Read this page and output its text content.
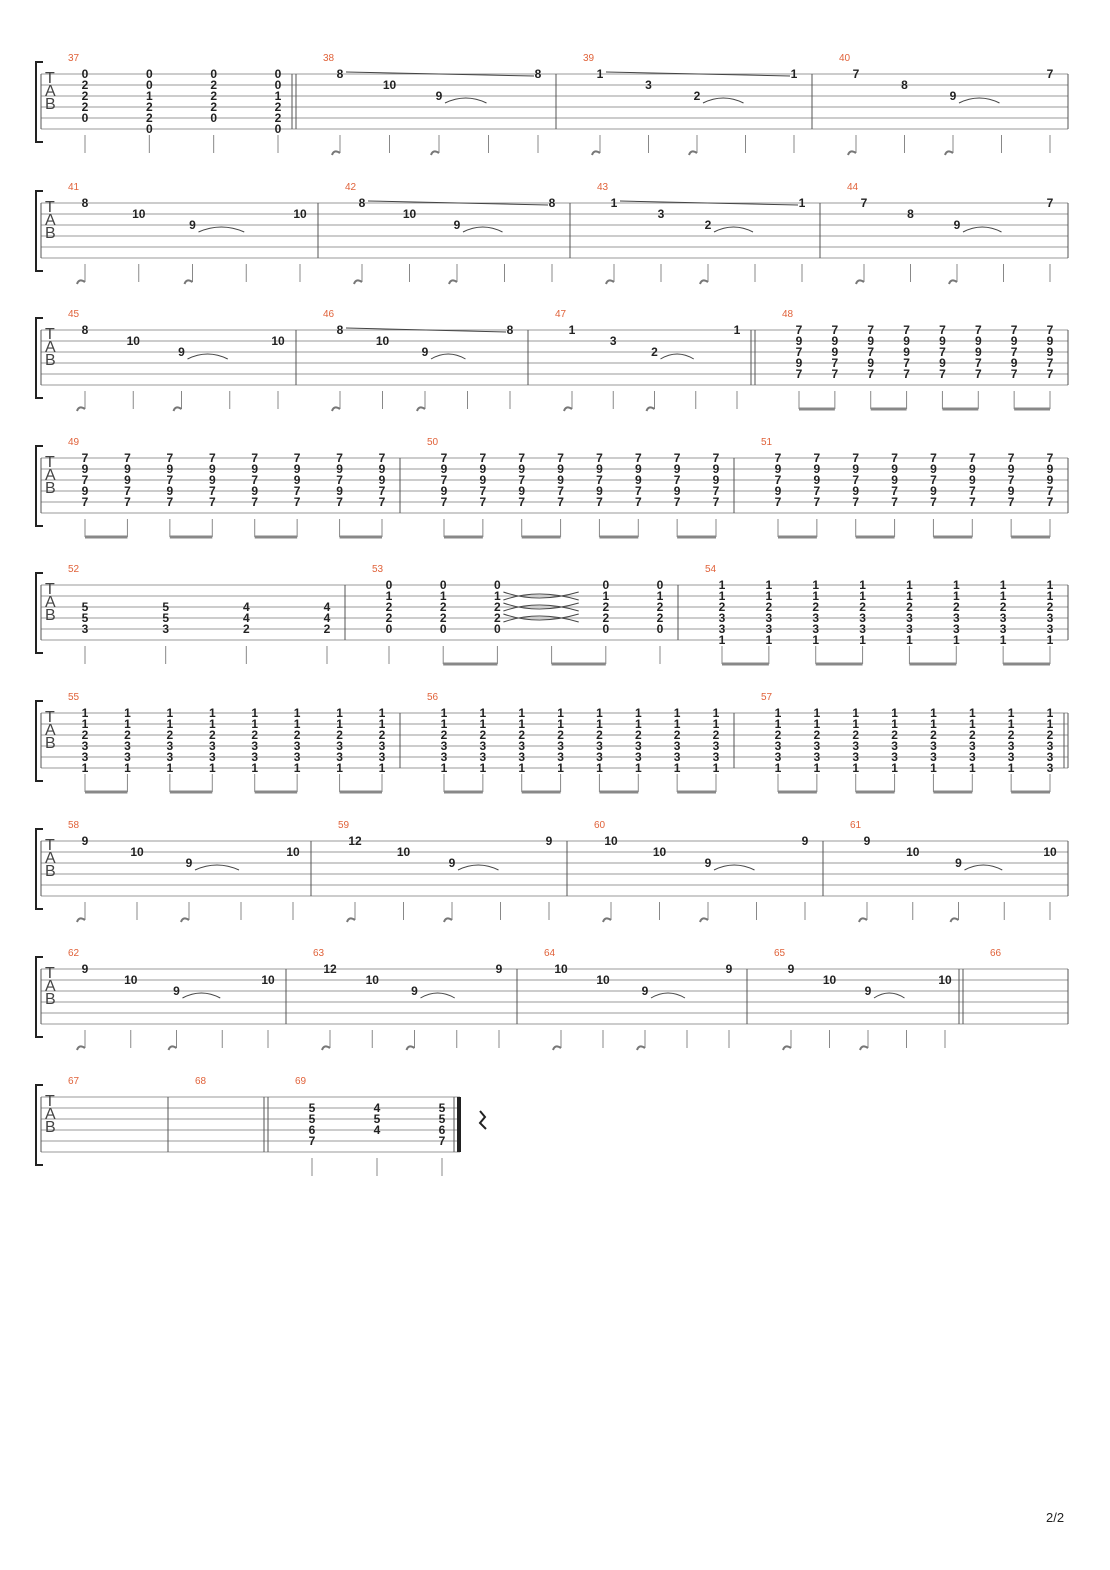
T
A
B
37
0
2
2
2
0
0
0
1
2
2
0
0
2
2
2
0
0
0
1
2
2
0
38
8
10
9
8
39
1
3
2
1
40
7
8
9
7
T
A
B
41
8
10
9
10
42
8
10
9
8
43
1
3
2
1
44
7
8
9
7
T
A
B
45
8
10
9
10
46
8
10
9
8
47
1
3
2
1
48
7
9
7
9
7
7
9
9
7
7
7
9
7
9
7
7
9
9
7
7
7
9
7
9
7
7
9
9
7
7
7
9
7
9
7
7
9
9
7
7
T
A
B
49
7
9
7
9
7
7
9
9
7
7
7
9
7
9
7
7
9
9
7
7
7
9
7
9
7
7
9
9
7
7
7
9
7
9
7
7
9
9
7
7
50
7
9
7
9
7
7
9
9
7
7
7
9
7
9
7
7
9
9
7
7
7
9
7
9
7
7
9
9
7
7
7
9
7
9
7
7
9
9
7
7
51
7
9
7
9
7
7
9
9
7
7
7
9
7
9
7
7
9
9
7
7
7
9
7
9
7
7
9
9
7
7
7
9
7
9
7
7
9
9
7
7
T
A
B
52
5
5
3
5
5
3
4
4
2
4
4
2
53
0
1
2
2
0
0
1
2
2
0
0
1
2
2
0
0
1
2
2
0
0
1
2
2
0
54
1
1
2
3
3
1
1
1
2
3
3
1
1
1
2
3
3
1
1
1
2
3
3
1
1
1
2
3
3
1
1
1
2
3
3
1
1
1
2
3
3
1
1
1
2
3
3
1
T
A
B
55
1
1
2
3
3
1
1
1
2
3
3
1
1
1
2
3
3
1
1
1
2
3
3
1
1
1
2
3
3
1
1
1
2
3
3
1
1
1
2
3
3
1
1
1
2
3
3
1
56
1
1
2
3
3
1
1
1
2
3
3
1
1
1
2
3
3
1
1
1
2
3
3
1
1
1
2
3
3
1
1
1
2
3
3
1
1
1
2
3
3
1
1
1
2
3
3
1
57
1
1
2
3
3
1
1
1
2
3
3
1
1
1
2
3
3
1
1
1
2
3
3
1
1
1
2
3
3
1
1
1
2
3
3
1
1
1
2
3
3
1
1
1
2
3
3
3
T
A
B
58
9
10
9
10
59
12
10
9
9
60
10
10
9
9
61
9
10
9
10
T
A
B
62
9
10
9
10
63
12
10
9
9
64
10
10
9
9
65
9
10
9
10
66
T
A
B
67	68	69
5
5
6
7
4
5
4
5
5
6
7
2/2
